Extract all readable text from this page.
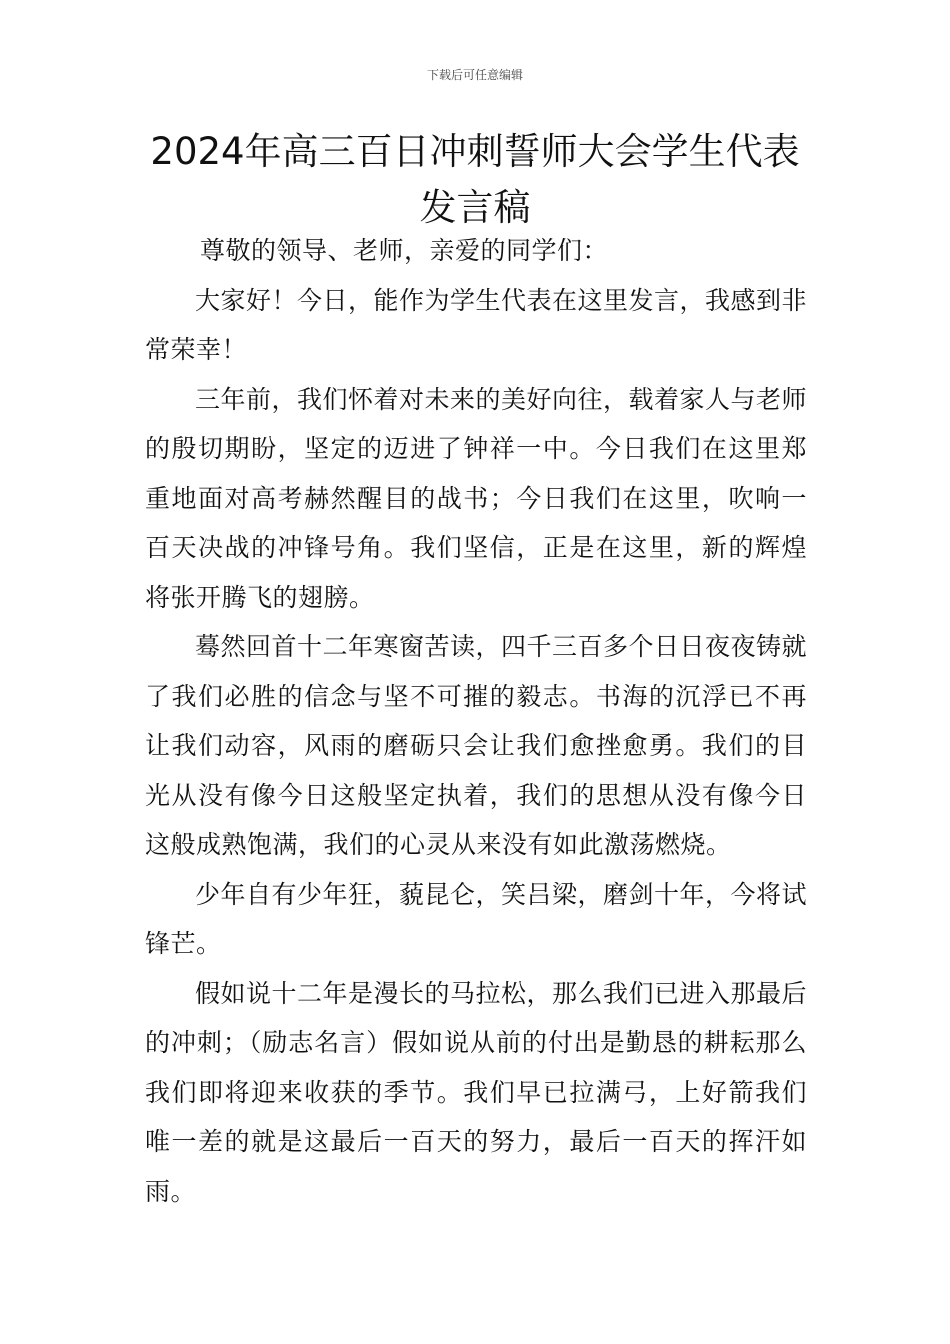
下载后可任意编辑
2024年高三百日冲刺誓师大会学生代表发言稿

尊敬的领导、老师，亲爱的同学们：

大家好！今日，能作为学生代表在这里发言，我感到非常荣幸！

三年前，我们怀着对未来的美好向往，载着家人与老师的殷切期盼，坚定的迈进了钟祥一中。今日我们在这里郑重地面对高考赫然醒目的战书；今日我们在这里，吹响一百天决战的冲锋号角。我们坚信，正是在这里，新的辉煌将张开腾飞的翅膀。

蓦然回首十二年寒窗苦读，四千三百多个日日夜夜铸就了我们必胜的信念与坚不可摧的毅志。书海的沉浮已不再让我们动容，风雨的磨砺只会让我们愈挫愈勇。我们的目光从没有像今日这般坚定执着，我们的思想从没有像今日这般成熟饱满，我们的心灵从来没有如此激荡燃烧。

少年自有少年狂，藐昆仑，笑吕梁，磨剑十年，今将试锋芒。

假如说十二年是漫长的马拉松，那么我们已进入那最后的冲刺；（励志名言）假如说从前的付出是勤恳的耕耘那么我们即将迎来收获的季节。我们早已拉满弓，上好箭我们唯一差的就是这最后一百天的努力，最后一百天的挥汗如雨。
